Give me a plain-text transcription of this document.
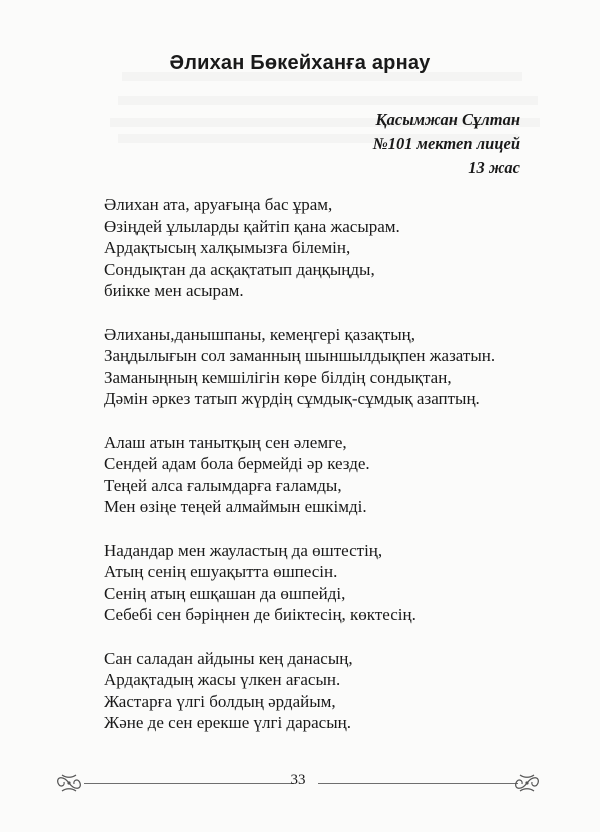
Әлихан Бөкейханға арнау
Қасымжан Сұлтан
№101 мектеп лицей
13 жас

Әлихан ата, аруағыңа бас ұрам,

Өзіңдей ұлыларды қайтіп қана жасырам.

Ардақтысың халқымызға білемін,

Сондықтан да асқақтатып даңқыңды,

биікке мен асырам.

Әлиханы,данышпаны, кемеңгері қазақтың,

Заңдылығын сол заманның шыншылдықпен жазатын.

Заманыңның кемшілігін көре білдің сондықтан,

Дәмін әркез татып жүрдің сұмдық-сұмдық азаптың.

Алаш атын танытқың сен әлемге,

Сендей адам бола бермейді әр кезде.

Теңей алса ғалымдарға ғаламды,

Мен өзіңе теңей алмаймын ешкімді.

Надандар мен жауластың да өштестің,

Атың сенің ешуақытта өшпесін.

Сенің атың ешқашан да өшпейді,

Себебі сен бәріңнен де биіктесің, көктесің.

Сан саладан айдыны кең данасың,

Ардақтадың жасы үлкен ағасын.

Жастарға үлгі болдың әрдайым,

Және де сен ерекше үлгі дарасың.

33
